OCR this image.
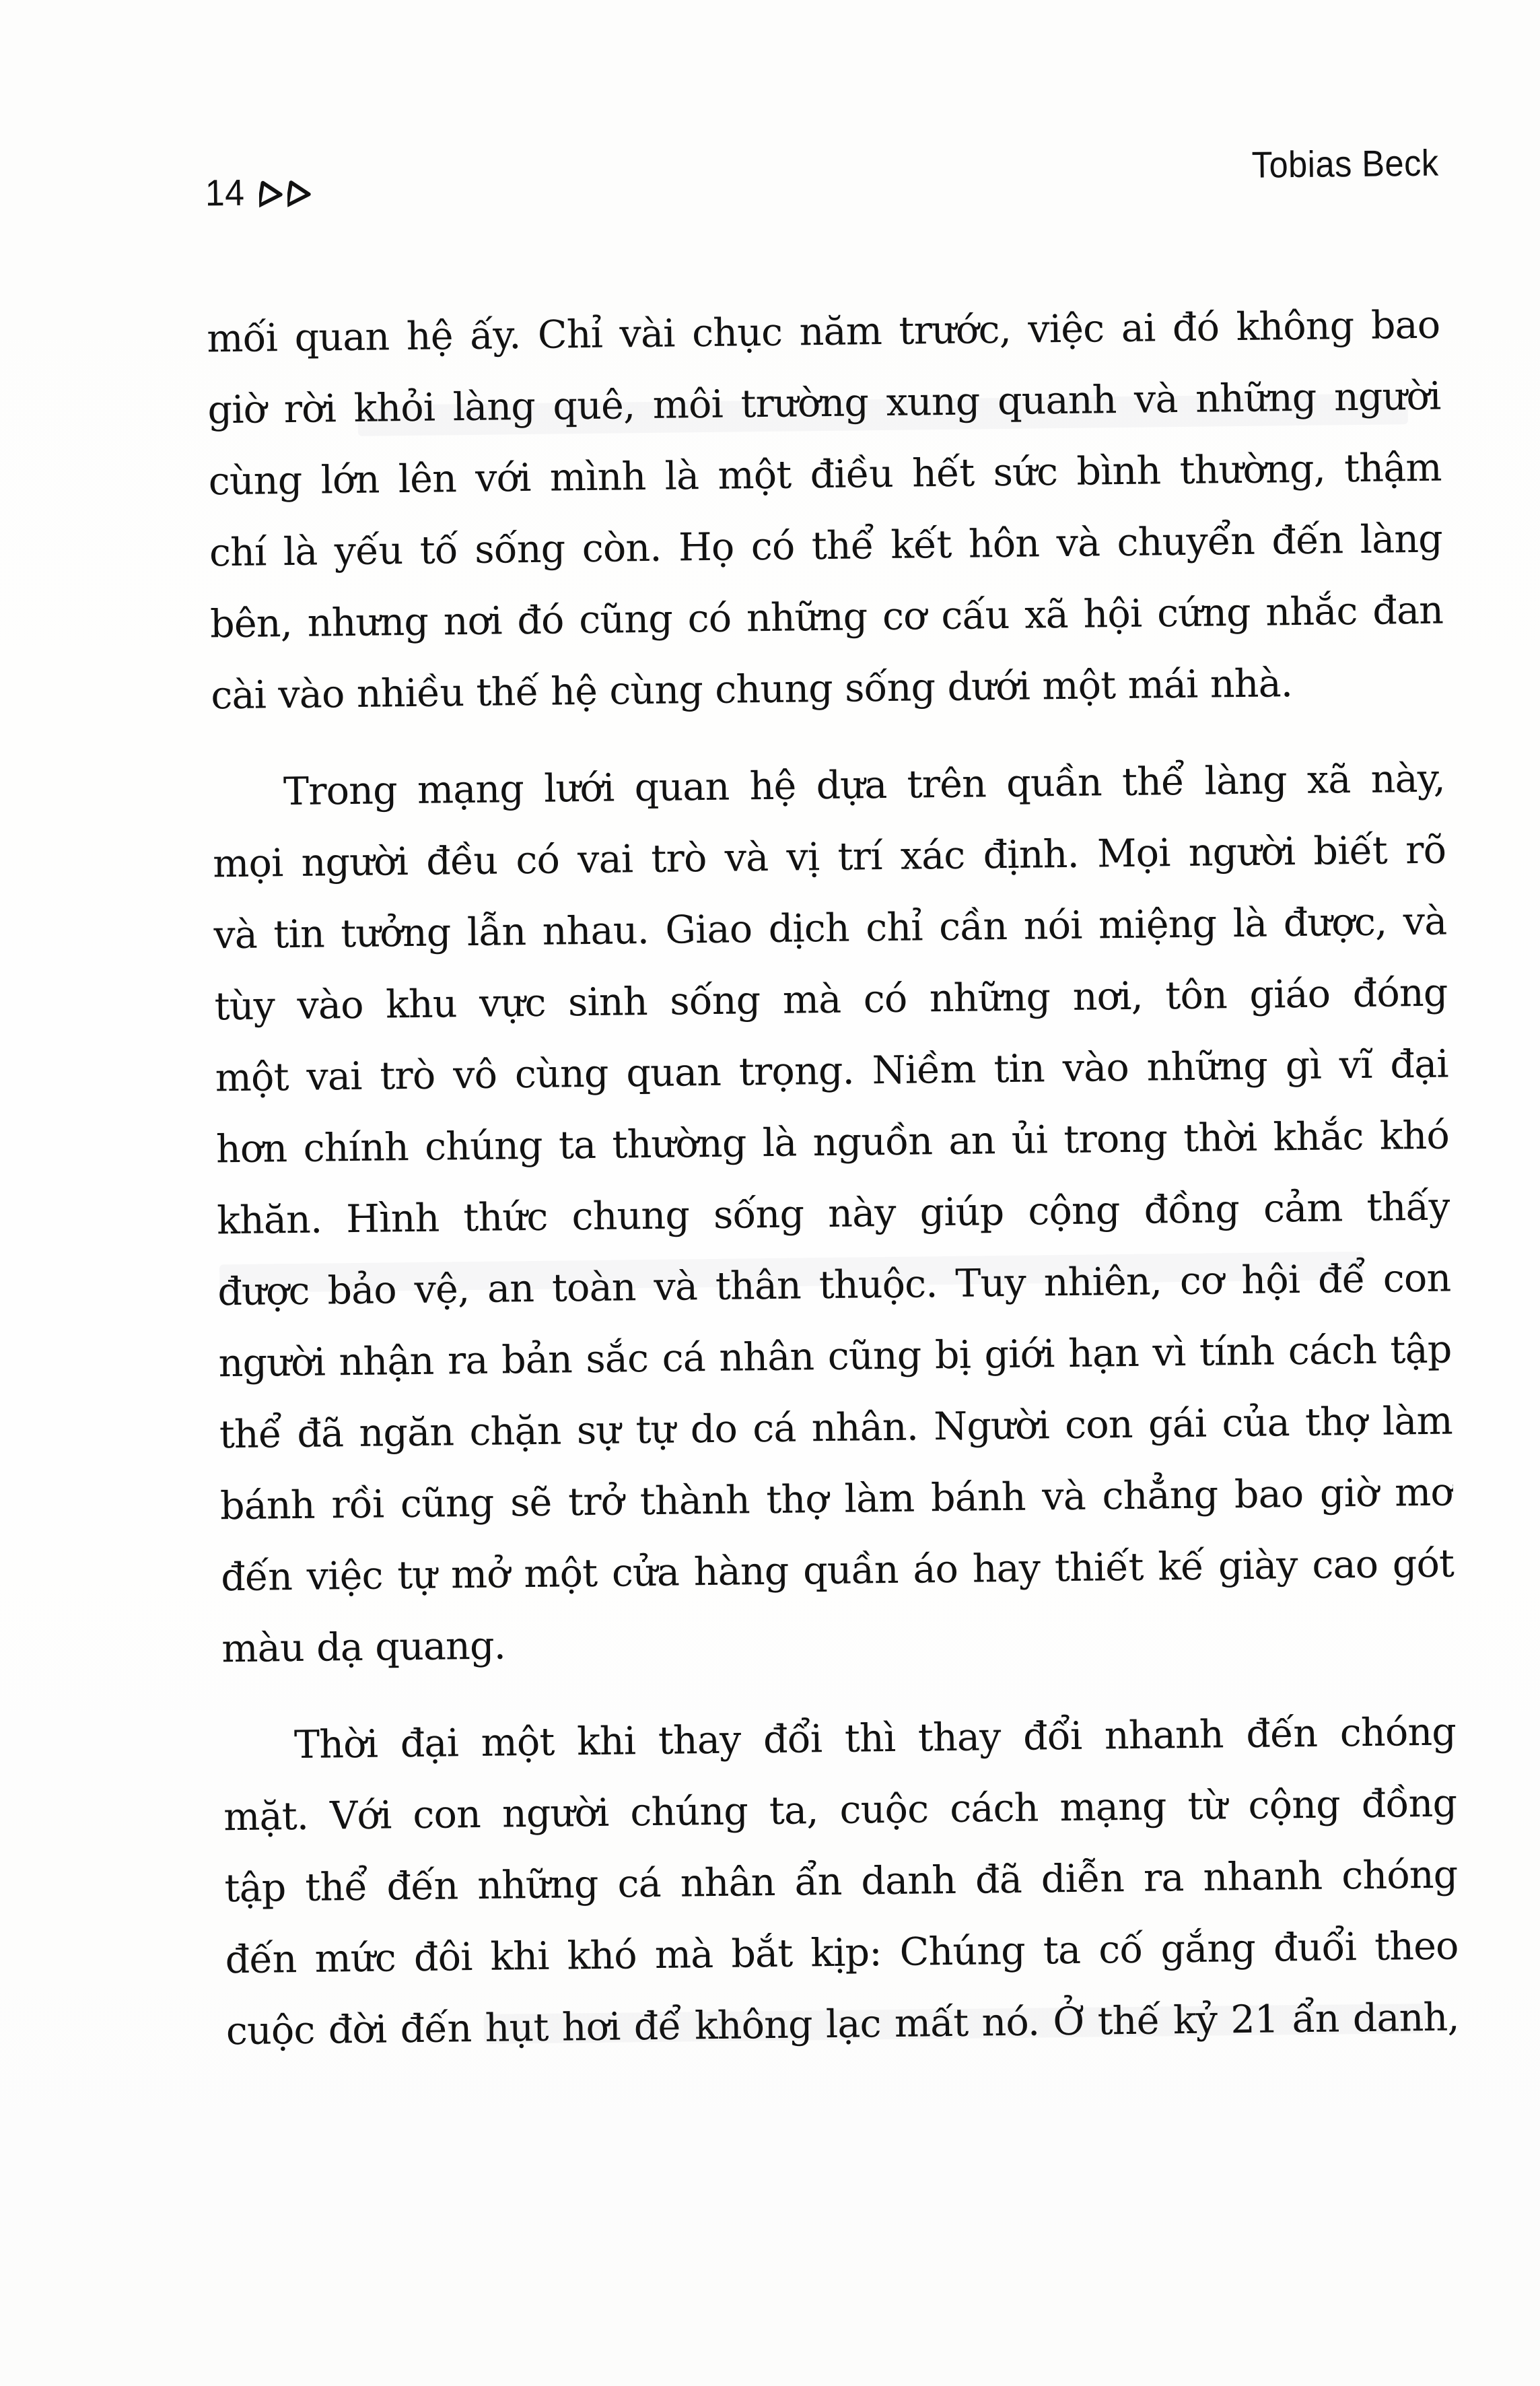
14
Tobias Beck
mối quan hệ ấy. Chỉ vài chục năm trước, việc ai đó không bao
giờ rời khỏi làng quê, môi trường xung quanh và những người
cùng lớn lên với mình là một điều hết sức bình thường, thậm
chí là yếu tố sống còn. Họ có thể kết hôn và chuyển đến làng
bên, nhưng nơi đó cũng có những cơ cấu xã hội cứng nhắc đan
cài vào nhiều thế hệ cùng chung sống dưới một mái nhà.
Trong mạng lưới quan hệ dựa trên quần thể làng xã này,
mọi người đều có vai trò và vị trí xác định. Mọi người biết rõ
và tin tưởng lẫn nhau. Giao dịch chỉ cần nói miệng là được, và
tùy vào khu vực sinh sống mà có những nơi, tôn giáo đóng
một vai trò vô cùng quan trọng. Niềm tin vào những gì vĩ đại
hơn chính chúng ta thường là nguồn an ủi trong thời khắc khó
khăn. Hình thức chung sống này giúp cộng đồng cảm thấy
được bảo vệ, an toàn và thân thuộc. Tuy nhiên, cơ hội để con
người nhận ra bản sắc cá nhân cũng bị giới hạn vì tính cách tập
thể đã ngăn chặn sự tự do cá nhân. Người con gái của thợ làm
bánh rồi cũng sẽ trở thành thợ làm bánh và chẳng bao giờ mơ
đến việc tự mở một cửa hàng quần áo hay thiết kế giày cao gót
màu dạ quang.
Thời đại một khi thay đổi thì thay đổi nhanh đến chóng
mặt. Với con người chúng ta, cuộc cách mạng từ cộng đồng
tập thể đến những cá nhân ẩn danh đã diễn ra nhanh chóng
đến mức đôi khi khó mà bắt kịp: Chúng ta cố gắng đuổi theo
cuộc đời đến hụt hơi để không lạc mất nó. Ở thế kỷ 21 ẩn danh,
